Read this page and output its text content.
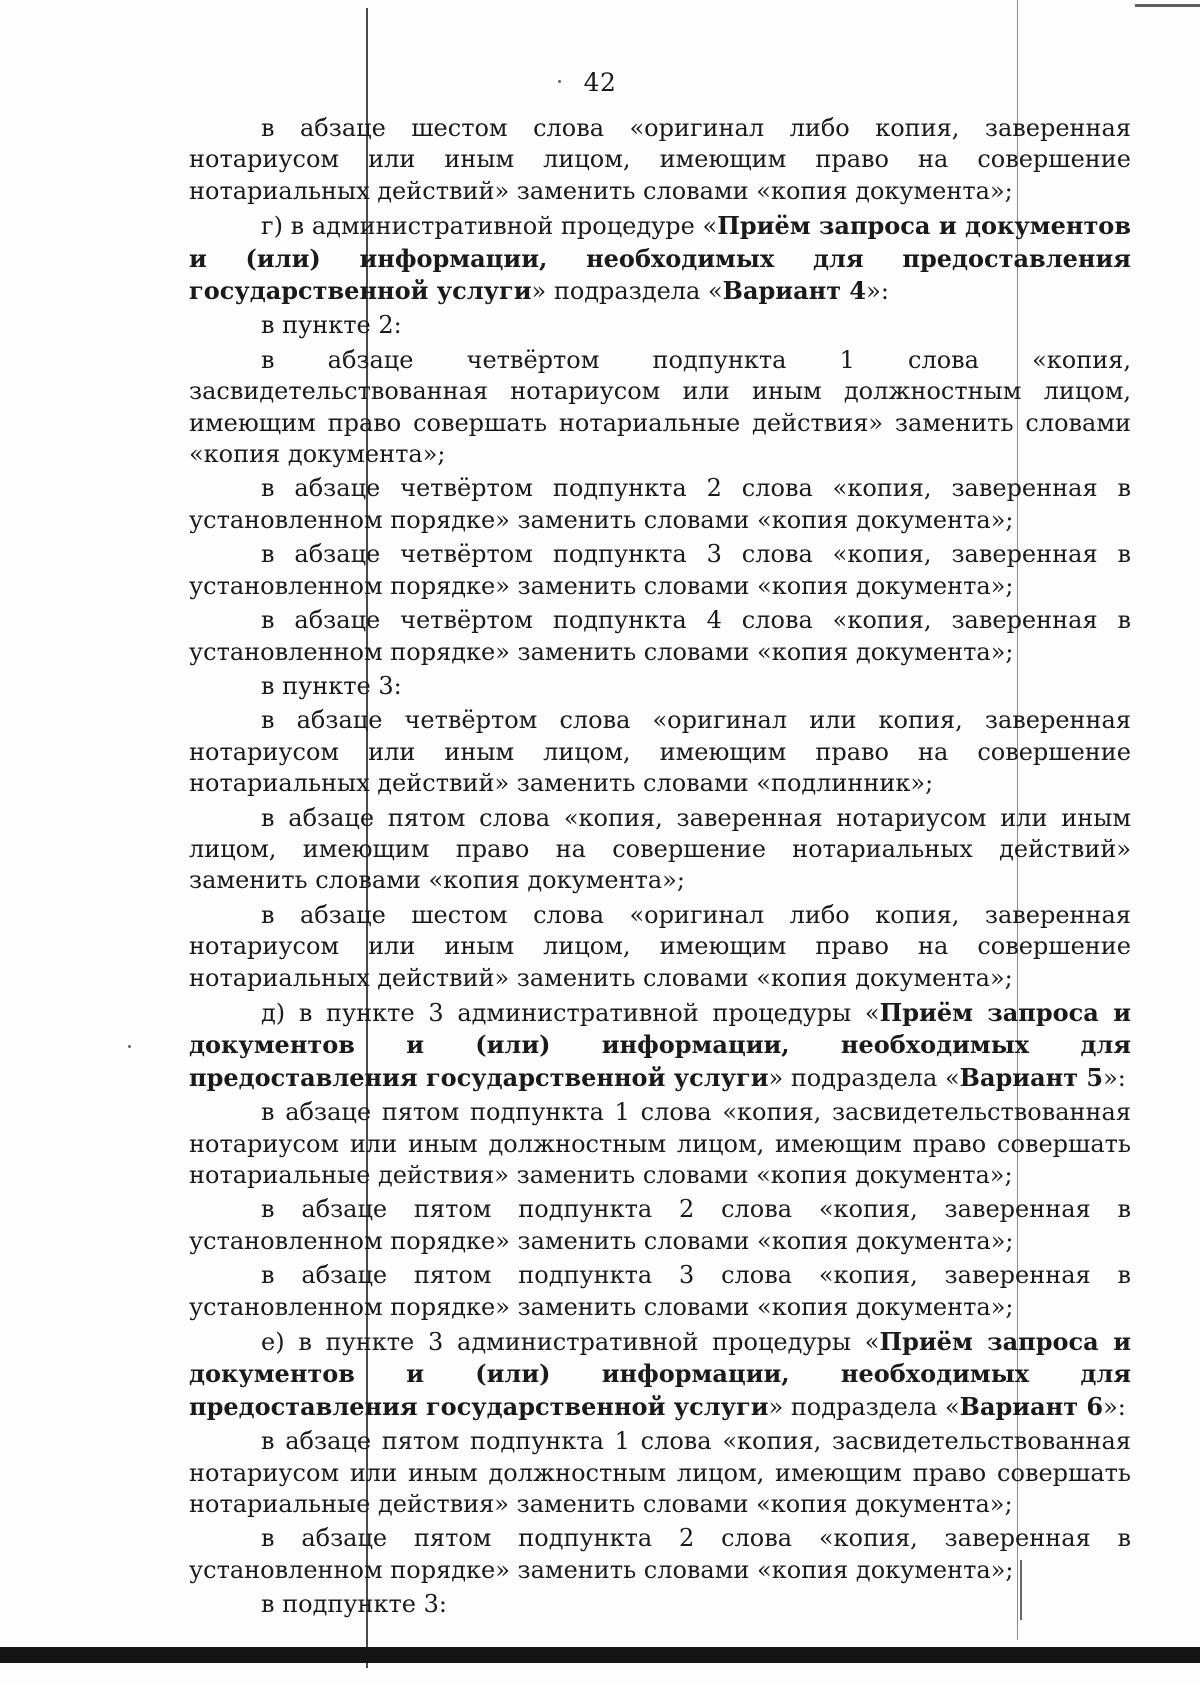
42

в абзаце шестом слова «оригинал либо копия, заверенная нотариусом или иным лицом, имеющим право на совершение нотариальных действий» заменить словами «копия документа»;

г) в административной процедуре «Приём запроса и документов и (или) информации, необходимых для предоставления государственной услуги» подраздела «Вариант 4»:

в пункте 2:

в абзаце четвёртом подпункта 1 слова «копия, засвидетельствованная нотариусом или иным должностным лицом, имеющим право совершать нотариальные действия» заменить словами «копия документа»;

в абзаце четвёртом подпункта 2 слова «копия, заверенная в установленном порядке» заменить словами «копия документа»;

в абзаце четвёртом подпункта 3 слова «копия, заверенная в установленном порядке» заменить словами «копия документа»;

в абзаце четвёртом подпункта 4 слова «копия, заверенная в установленном порядке» заменить словами «копия документа»;

в пункте 3:

в абзаце четвёртом слова «оригинал или копия, заверенная нотариусом или иным лицом, имеющим право на совершение нотариальных действий» заменить словами «подлинник»;

в абзаце пятом слова «копия, заверенная нотариусом или иным лицом, имеющим право на совершение нотариальных действий» заменить словами «копия документа»;

в абзаце шестом слова «оригинал либо копия, заверенная нотариусом или иным лицом, имеющим право на совершение нотариальных действий» заменить словами «копия документа»;

д) в пункте 3 административной процедуры «Приём запроса и документов и (или) информации, необходимых для предоставления государственной услуги» подраздела «Вариант 5»:

в абзаце пятом подпункта 1 слова «копия, засвидетельствованная нотариусом или иным должностным лицом, имеющим право совершать нотариальные действия» заменить словами «копия документа»;

в абзаце пятом подпункта 2 слова «копия, заверенная в установленном порядке» заменить словами «копия документа»;

в абзаце пятом подпункта 3 слова «копия, заверенная в установленном порядке» заменить словами «копия документа»;

е) в пункте 3 административной процедуры «Приём запроса и документов и (или) информации, необходимых для предоставления государственной услуги» подраздела «Вариант 6»:

в абзаце пятом подпункта 1 слова «копия, засвидетельствованная нотариусом или иным должностным лицом, имеющим право совершать нотариальные действия» заменить словами «копия документа»;

в абзаце пятом подпункта 2 слова «копия, заверенная в установленном порядке» заменить словами «копия документа»;

в подпункте 3:
